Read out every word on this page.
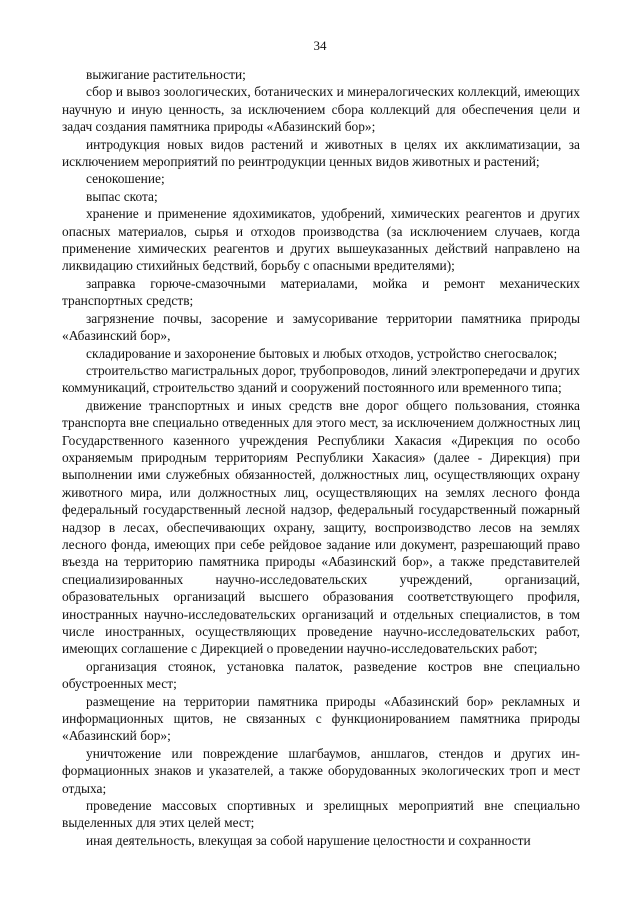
34

выжигание растительности;

сбор и вывоз зоологических, ботанических и минералогических коллекций, имеющих научную и иную ценность, за исключением сбора коллекций для обеспечения цели и задач создания памятника природы «Абазинский бор»;

интродукция новых видов растений и животных в целях их акклиматизации, за исключением мероприятий по реинтродукции ценных видов животных и растений;

сенокошение;

выпас скота;

хранение и применение ядохимикатов, удобрений, химических реагентов и других опасных материалов, сырья и отходов производства (за исключением случаев, когда применение химических реагентов и других вышеуказанных действий направлено на ликвидацию стихийных бедствий, борьбу с опасными вредителями);

заправка горюче-смазочными материалами, мойка и ремонт механических транспортных средств;

загрязнение почвы, засорение и замусоривание территории памятника природы «Абазинский бор»,

складирование и захоронение бытовых и любых отходов, устройство снегосвалок;

строительство магистральных дорог, трубопроводов, линий электропередачи и других коммуникаций, строительство зданий и сооружений постоянного или временного типа;

движение транспортных и иных средств вне дорог общего пользования, стоянка транспорта вне специально отведенных для этого мест, за исключением должностных лиц Государственного казенного учреждения Республики Хакасия «Дирекция по особо охраняемым природным территориям Республики Хакасия» (далее - Дирекция) при выполнении ими служебных обязанностей, должностных лиц, осуществляющих охрану животного мира, или должностных лиц, осуществляющих на землях лесного фонда федеральный государственный лесной надзор, федеральный государственный пожарный надзор в лесах, обеспечивающих охрану, защиту, воспроизводство лесов на землях лесного фонда, имеющих при себе рейдовое задание или документ, разрешающий право въезда на территорию памятника природы «Абазинский бор», а также представителей специализированных научно-исследовательских учреждений, организаций, образовательных организаций высшего образования соответствующего профиля, иностранных научно-исследовательских организаций и отдельных специалистов, в том числе иностранных, осуществляющих проведение научно-исследовательских работ, имеющих соглашение с Дирекцией о проведении научно-исследовательских работ;

организация стоянок, установка палаток, разведение костров вне специально обустроенных мест;

размещение на территории памятника природы «Абазинский бор» рекламных и информационных щитов, не связанных с функционированием памятника природы «Абазинский бор»;

уничтожение или повреждение шлагбаумов, аншлагов, стендов и других информационных знаков и указателей, а также оборудованных экологических троп и мест отдыха;

проведение массовых спортивных и зрелищных мероприятий вне специально выделенных для этих целей мест;

иная деятельность, влекущая за собой нарушение целостности и сохранности
